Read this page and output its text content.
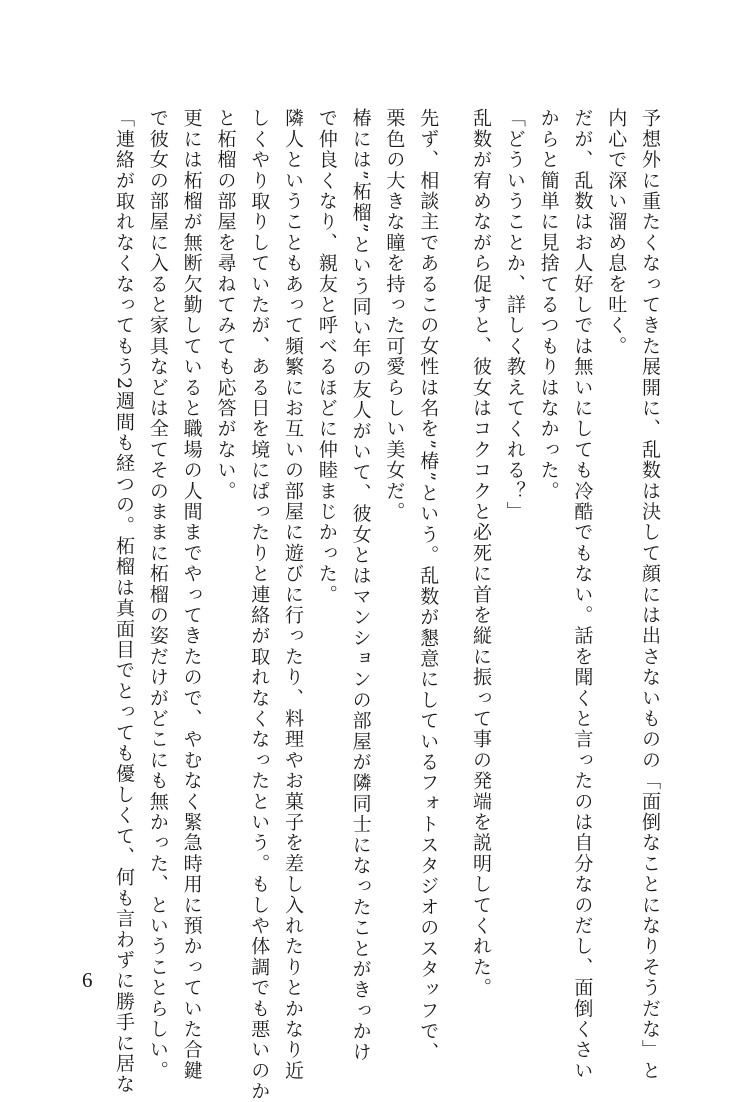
予想外に重たくなってきた展開に、乱数は決して顔には出さないものの「面倒なことになりそうだな」と
内心で深い溜め息を吐く。
だが、乱数はお人好しでは無いにしても冷酷でもない。話を聞くと言ったのは自分なのだし、面倒くさい
からと簡単に見捨てるつもりはなかった。
「どういうことか、詳しく教えてくれる？」
乱数が宥めながら促すと、彼女はコクコクと必死に首を縦に振って事の発端を説明してくれた。
先ず、相談主であるこの女性は名を”椿”という。乱数が懇意にしているフォトスタジオのスタッフで、
栗色の大きな瞳を持った可愛らしい美女だ。
椿には”柘榴”という同い年の友人がいて、彼女とはマンションの部屋が隣同士になったことがきっかけ
で仲良くなり、親友と呼べるほどに仲睦まじかった。
隣人ということもあって頻繁にお互いの部屋に遊びに行ったり、料理やお菓子を差し入れたりとかなり近
しくやり取りしていたが、ある日を境にぱったりと連絡が取れなくなったという。もしや体調でも悪いのか
と柘榴の部屋を尋ねてみても応答がない。
更には柘榴が無断欠勤していると職場の人間までやってきたので、やむなく緊急時用に預かっていた合鍵
で彼女の部屋に入ると家具などは全てそのままに柘榴の姿だけがどこにも無かった、ということらしい。
「連絡が取れなくなってもう2週間も経つの。柘榴は真面目でとっても優しくて、何も言わずに勝手に居な
6
